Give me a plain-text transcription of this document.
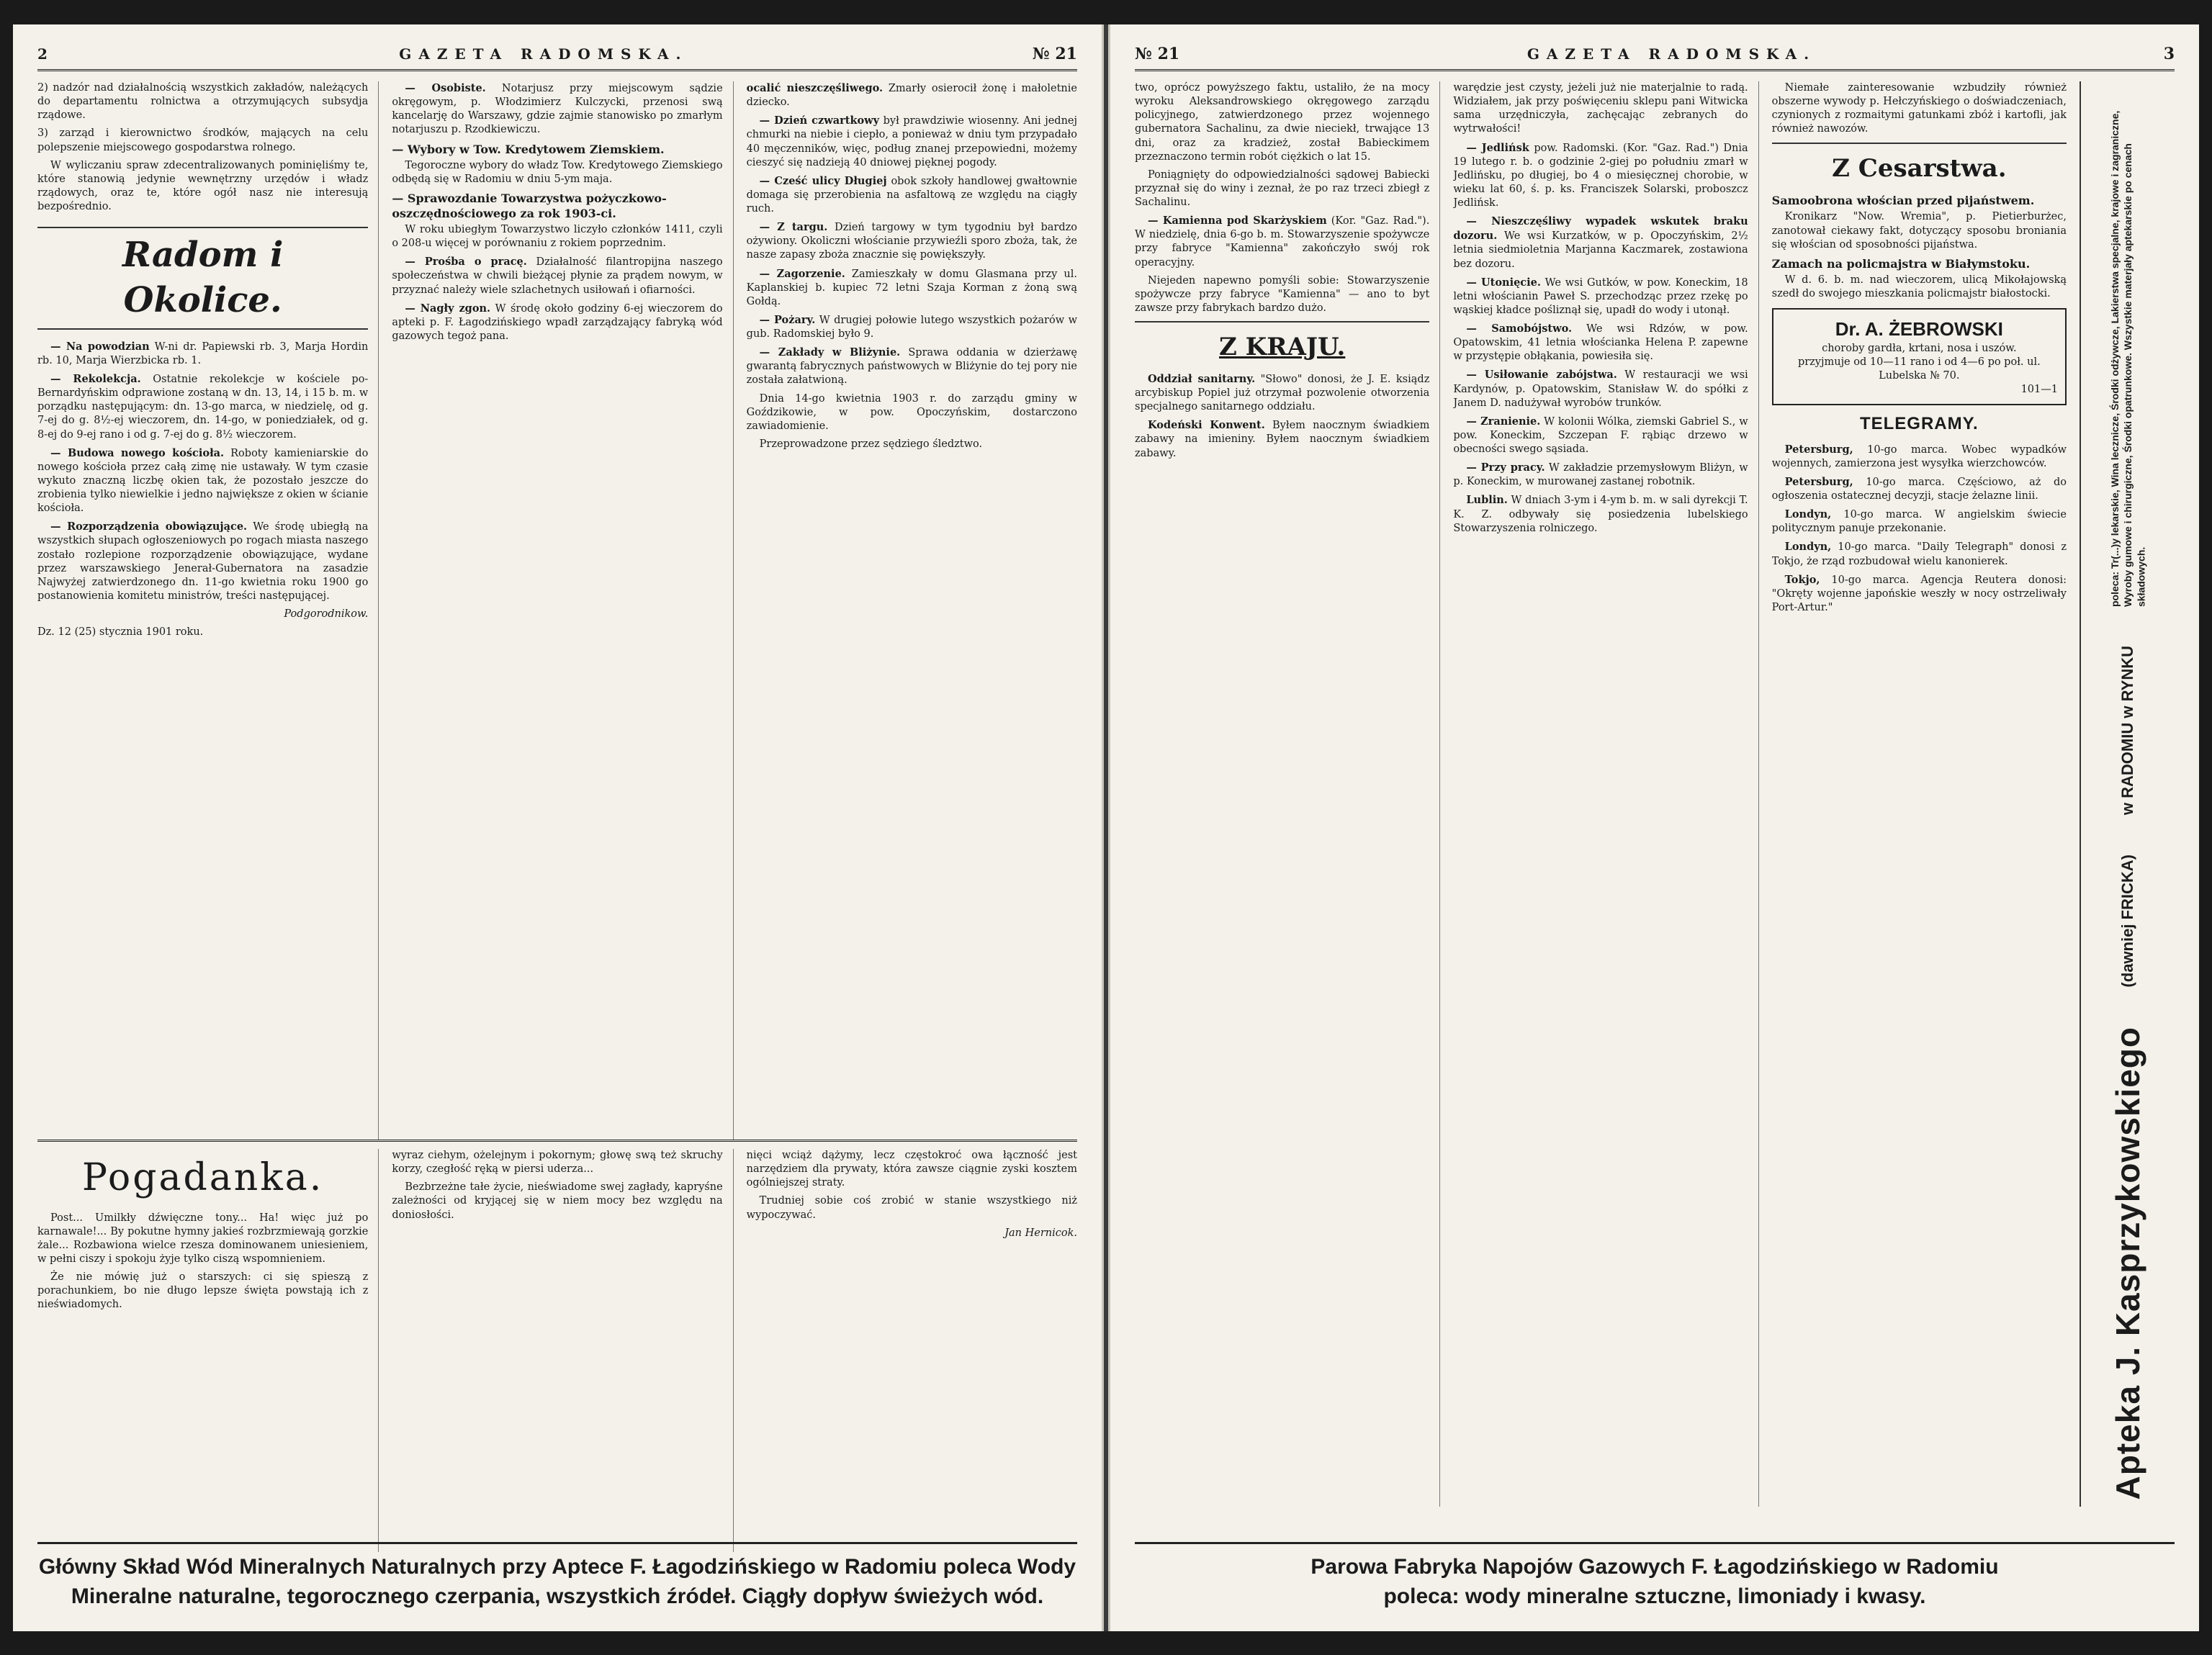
2	GAZETA RADOMSKA.	№ 21

2) nadzór nad działalnością wszystkich zakładów, należących do departamentu rolnictwa a otrzymujących subsydja rządowe.

3) zarząd i kierownictwo środków, mających na celu polepszenie miejscowego gospodarstwa rolnego.

W wyliczaniu spraw zdecentralizowanych pominięliśmy te, które stanowią jedynie wewnętrzny urzędów i władz rządowych, oraz te, które ogół nasz nie interesują bezpośrednio.

Radom i Okolice.

— Na powodzian W-ni dr. Papiewski rb. 3, Marja Hordin rb. 10, Marja Wierzbicka rb. 1.

— Rekolekcja. Ostatnie rekolekcje w kościele po-Bernardyńskim odprawione zostaną w dn. 13, 14, i 15 b. m. w porządku następującym: dn. 13-go marca, w niedzielę, od g. 7-ej do g. 8½-ej wieczorem, dn. 14-go, w poniedziałek, od g. 8-ej do 9-ej rano i od g. 7-ej do g. 8½ wieczorem.

— Budowa nowego kościoła. Roboty kamieniarskie do nowego kościoła przez całą zimę nie ustawały. W tym czasie wykuto znaczną liczbę okien tak, że pozostało jeszcze do zrobienia tylko niewielkie i jedno największe z okien w ścianie kościoła.

— Rozporządzenia obowiązujące. We środę ubiegłą na wszystkich słupach ogłoszeniowych po rogach miasta naszego zostało rozlepione rozporządzenie obowiązujące, wydane przez warszawskiego Jenerał-Gubernatora na zasadzie Najwyżej zatwierdzonego dn. 11-go kwietnia roku 1900 go postanowienia komitetu ministrów, treści następującej.

Podgorodnikow.

Dz. 12 (25) stycznia 1901 roku.

— Osobiste. Notarjusz przy miejscowym sądzie okręgowym, p. Włodzimierz Kulczycki, przenosi swą kancelarję do Warszawy, gdzie zajmie stanowisko po zmarłym notarjuszu p. Rzodkiewiczu.

— Wybory w Tow. Kredytowem Ziemskiem.

Tegoroczne wybory do władz Tow. Kredytowego Ziemskiego odbędą się w Radomiu w dniu 5-ym maja.

— Sprawozdanie Towarzystwa pożyczkowo-oszczędnościowego za rok 1903-ci.

W roku ubiegłym Towarzystwo liczyło członków 1411, czyli o 208-u więcej w porównaniu z rokiem poprzednim.

— Prośba o pracę. Działalność filantropijna naszego społeczeństwa w chwili bieżącej płynie za prądem nowym, w przyznać należy wiele szlachetnych usiłowań i ofiarności.

— Nagły zgon. W środę około godziny 6-ej wieczorem do apteki p. F. Łagodzińskiego wpadł zarządzający fabryką wód gazowych tegoż pana.

ocalić nieszczęśliwego. Zmarły osierocił żonę i małoletnie dziecko.

— Dzień czwartkowy był prawdziwie wiosenny. Ani jednej chmurki na niebie i ciepło, a ponieważ w dniu tym przypadało 40 męczenników, więc, podług znanej przepowiedni, możemy cieszyć się nadzieją 40 dniowej pięknej pogody.

— Cześć ulicy Długiej obok szkoły handlowej gwałtownie domaga się przerobienia na asfaltową ze względu na ciągły ruch.

— Z targu. Dzień targowy w tym tygodniu był bardzo ożywiony. Okoliczni włościanie przywieźli sporo zboża, tak, że nasze zapasy zboża znacznie się powiększyły.

— Zagorzenie. Zamieszkały w domu Glasmana przy ul. Kaplanskiej b. kupiec 72 letni Szaja Korman z żoną swą Gołdą.

— Pożary. W drugiej połowie lutego wszystkich pożarów w gub. Radomskiej było 9.

— Zakłady w Bliżynie. Sprawa oddania w dzierżawę gwarantą fabrycznych państwowych w Bliżynie do tej pory nie została załatwioną.

Dnia 14-go kwietnia 1903 r. do zarządu gminy w Goździkowie, w pow. Opoczyńskim, dostarczono zawiadomienie.

Przeprowadzone przez sędziego śledztwo.

Pogadanka.

Post... Umilkły dźwięczne tony... Ha! więc już po karnawale!... By pokutne hymny jakieś rozbrzmiewają gorzkie żale... Rozbawiona wielce rzesza dominowanem uniesieniem, w pełni ciszy i spokoju żyje tylko ciszą wspomnieniem.

Że nie mówię już o starszych: ci się spieszą z porachunkiem, bo nie długo lepsze święta powstają ich z nieświadomych.

wyraz ciehym, ożelejnym i pokornym; głowę swą też skruchy korzy, czegłość ręką w piersi uderza...

Bezbrzeżne tałe życie, nieświadome swej zagłady, kapryśne zależności od kryjącej się w niem mocy bez względu na doniosłości.

nięci wciąż dążymy, lecz częstokroć owa łączność jest narzędziem dla prywaty, która zawsze ciągnie zyski kosztem ogólniejszej straty.

Trudniej sobie coś zrobić w stanie wszystkiego niż wypoczywać.

Jan Hernicok.

Główny Skład Wód Mineralnych Naturalnych przy Aptece F. Łagodzińskiego w Radomiu poleca Wody
Mineralne naturalne, tegorocznego czerpania, wszystkich źródeł. Ciągły dopływ świeżych wód.
№ 21	GAZETA RADOMSKA.	3

two, oprócz powyższego faktu, ustaliło, że na mocy wyroku Aleksandrowskiego okręgowego zarządu policyjnego, zatwierdzonego przez wojennego gubernatora Sachalinu, za dwie nieciekł, trwające 13 dni, oraz za kradzież, został Babieckimem przeznaczono termin robót ciężkich o lat 15.

Poniągnięty do odpowiedzialności sądowej Babiecki przyznał się do winy i zeznał, że po raz trzeci zbiegł z Sachalinu.

— Kamienna pod Skarżyskiem (Kor. "Gaz. Rad."). W niedzielę, dnia 6-go b. m. Stowarzyszenie spożywcze przy fabryce "Kamienna" zakończyło swój rok operacyjny.

Niejeden napewno pomyśli sobie: Stowarzyszenie spożywcze przy fabryce "Kamienna" — ano to byt zawsze przy fabrykach bardzo dużo.

Z KRAJU.

Oddział sanitarny. "Słowo" donosi, że J. E. ksiądz arcybiskup Popiel już otrzymał pozwolenie otworzenia specjalnego sanitarnego oddziału.

Kodeński Konwent. Byłem naocznym świadkiem zabawy na imieniny. Byłem naocznym świadkiem zabawy.

warędzie jest czysty, jeżeli już nie materjalnie to radą. Widziałem, jak przy poświęceniu sklepu pani Witwicka sama urzędniczyła, zachęcając zebranych do wytrwałości!

— Jedlińsk pow. Radomski. (Kor. "Gaz. Rad.") Dnia 19 lutego r. b. o godzinie 2-giej po południu zmarł w Jedlińsku, po długiej, bo 4 o miesięcznej chorobie, w wieku lat 60, ś. p. ks. Franciszek Solarski, proboszcz Jedlińsk.

— Nieszczęśliwy wypadek wskutek braku dozoru. We wsi Kurzatków, w p. Opoczyńskim, 2½ letnia siedmioletnia Marjanna Kaczmarek, zostawiona bez dozoru.

— Utonięcie. We wsi Gutków, w pow. Koneckim, 18 letni włościanin Paweł S. przechodząc przez rzekę po wąskiej kładce pośliznął się, upadł do wody i utonął.

— Samobójstwo. We wsi Rdzów, w pow. Opatowskim, 41 letnia włościanka Helena P. zapewne w przystępie obłąkania, powiesiła się.

— Usiłowanie zabójstwa. W restauracji we wsi Kardynów, p. Opatowskim, Stanisław W. do spółki z Janem D. nadużywał wyrobów trunków.

— Zranienie. W kolonii Wólka, ziemski Gabriel S., w pow. Koneckim, Szczepan F. rąbiąc drzewo w obecności swego sąsiada.

— Przy pracy. W zakładzie przemysłowym Bliżyn, w p. Koneckim, w murowanej zastanej robotnik.

Lublin. W dniach 3-ym i 4-ym b. m. w sali dyrekcji T. K. Z. odbywały się posiedzenia lubelskiego Stowarzyszenia rolniczego.

Niemałe zainteresowanie wzbudziły również obszerne wywody p. Hełczyńskiego o doświadczeniach, czynionych z rozmaitymi gatunkami zbóż i kartofli, jak również nawozów.

Z Cesarstwa.
Samoobrona włościan przed pijaństwem.

Kronikarz "Now. Wremia", p. Pietierburżec, zanotował ciekawy fakt, dotyczący sposobu broniania się włościan od sposobności pijaństwa.

Zamach na policmajstra w Białymstoku.

W d. 6. b. m. nad wieczorem, ulicą Mikołajowską szedł do swojego mieszkania policmajstr białostocki.

Dr. A. ŻEBROWSKI
choroby gardła, krtani, nosa i uszów.
przyjmuje od 10—11 rano i od 4—6 po poł. ul. Lubelska № 70.
101—1
TELEGRAMY.

Petersburg, 10-go marca. Wobec wypadków wojennych, zamierzona jest wysyłka wierzchowców.

Petersburg, 10-go marca. Częściowo, aż do ogłoszenia ostatecznej decyzji, stacje żelazne linii.

Londyn, 10-go marca. W angielskim świecie politycznym panuje przekonanie.

Londyn, 10-go marca. "Daily Telegraph" donosi z Tokjo, że rząd rozbudował wielu kanonierek.

Tokjo, 10-go marca. Agencja Reutera donosi: "Okręty wojenne japońskie weszły w nocy ostrzeliwały Port-Artur."

poleca: Tr(...)y lekarskie, Wina lecznicze, Środki odżywcze, Lakierstwa specjalne, krajowe i zagraniczne, Wyroby gumowe i chirurgiczne, Środki opatrunkowe. Wszystkie materjały aptekarskie po cenach składowych.
w RADOMIU w RYNKU
(dawniej FRICKA)
Apteka J. Kasprzykowskiego
Parowa Fabryka Napojów Gazowych F. Łagodzińskiego w Radomiu
poleca: wody mineralne sztuczne, limoniady i kwasy.
